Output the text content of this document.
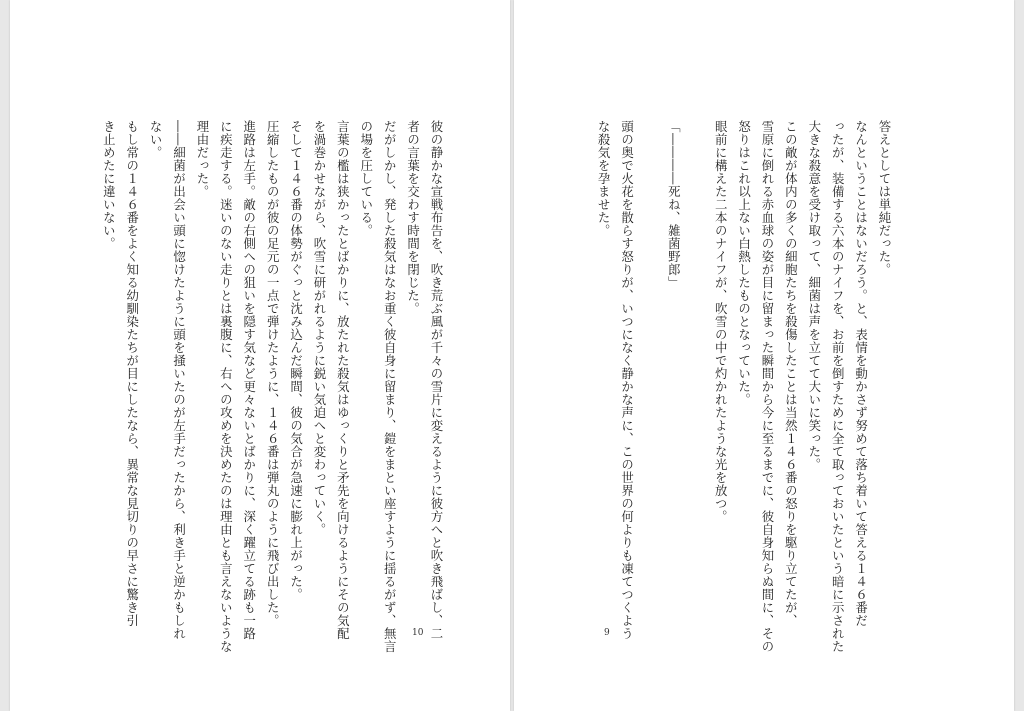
彼の静かな宣戦布告を、吹き荒ぶ風が千々の雪片に変えるように彼方へと吹き飛ばし、二

者の言葉を交わす時間を閉じた。

だがしかし、発した殺気はなお重く彼自身に留まり、鎧をまとい座すように揺るがず、無言

の場を圧している。

言葉の檻は狭かったとばかりに、放たれた殺気はゆっくりと矛先を向けるようにその気配

を渦巻かせながら、吹雪に研がれるように鋭い気迫へと変わっていく。

そして１４６番の体勢がぐっと沈み込んだ瞬間、彼の気合が急速に膨れ上がった。

圧縮したものが彼の足元の一点で弾けたように、１４６番は弾丸のように飛び出した。

進路は左手。敵の右側への狙いを隠す気など更々ないとばかりに、深く躍立てる跡も一路

に疾走する。迷いのない走りとは裏腹に、右への攻めを決めたのは理由とも言えないような

理由だった。

――細菌が出会い頭に惚けたように頭を掻いたのが左手だったから、利き手と逆かもしれ

ない。

もし常の１４６番をよく知る幼馴染たちが目にしたなら、異常な見切りの早さに驚き引

き止めたに違いない。

10

答えとしては単純だった。

なんということはないだろう。と、表情を動かさず努めて落ち着いて答える１４６番だ

ったが、装備する六本のナイフを、お前を倒すために全て取っておいたという暗に示された

大きな殺意を受け取って、細菌は声を立てて大いに笑った。

この敵が体内の多くの細胞たちを殺傷したことは当然１４６番の怒りを駆り立てたが、

雪原に倒れる赤血球の姿が目に留まった瞬間から今に至るまでに、彼自身知らぬ間に、その

怒りはこれ以上ない白熱したものとなっていた。

眼前に構えた二本のナイフが、吹雪の中で灼かれたような光を放つ。

「――――死ね、雑菌野郎」

頭の奥で火花を散らす怒りが、いつになく静かな声に、この世界の何よりも凍てつくよう

な殺気を孕ませた。

9
